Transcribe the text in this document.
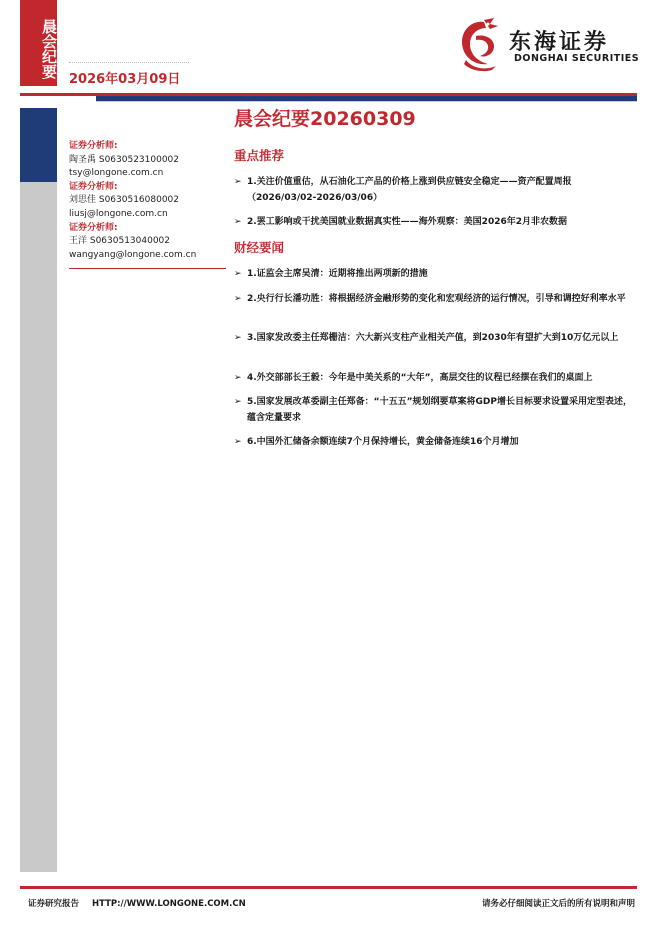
晨会纪要
2026年03月09日
东海证券
DONGHAI SECURITIES
证券分析师:
陶圣禹 S0630523100002
tsy@longone.com.cn
证券分析师:
刘思佳 S0630516080002
liusj@longone.com.cn
证券分析师:
王洋 S0630513040002
wangyang@longone.com.cn
晨会纪要20260309
重点推荐
➢ 1.关注价值重估，从石油化工产品的价格上涨到供应链安全稳定——资产配置周报（2026/03/02-2026/03/06）
➢ 2.罢工影响或干扰美国就业数据真实性——海外观察：美国2026年2月非农数据
财经要闻
➢ 1.证监会主席吴清：近期将推出两项新的措施
➢ 2.央行行长潘功胜：将根据经济金融形势的变化和宏观经济的运行情况，引导和调控好利率水平
➢ 3.国家发改委主任郑栅洁：六大新兴支柱产业相关产值，到2030年有望扩大到10万亿元以上
➢ 4.外交部部长王毅：今年是中美关系的“大年”，高层交往的议程已经摆在我们的桌面上
➢ 5.国家发展改革委副主任郑备：“十五五”规划纲要草案将GDP增长目标要求设置采用定型表述，蕴含定量要求
➢ 6.中国外汇储备余额连续7个月保持增长，黄金储备连续16个月增加
证券研究报告 HTTP://WWW.LONGONE.COM.CN	请务必仔细阅读正文后的所有说明和声明
